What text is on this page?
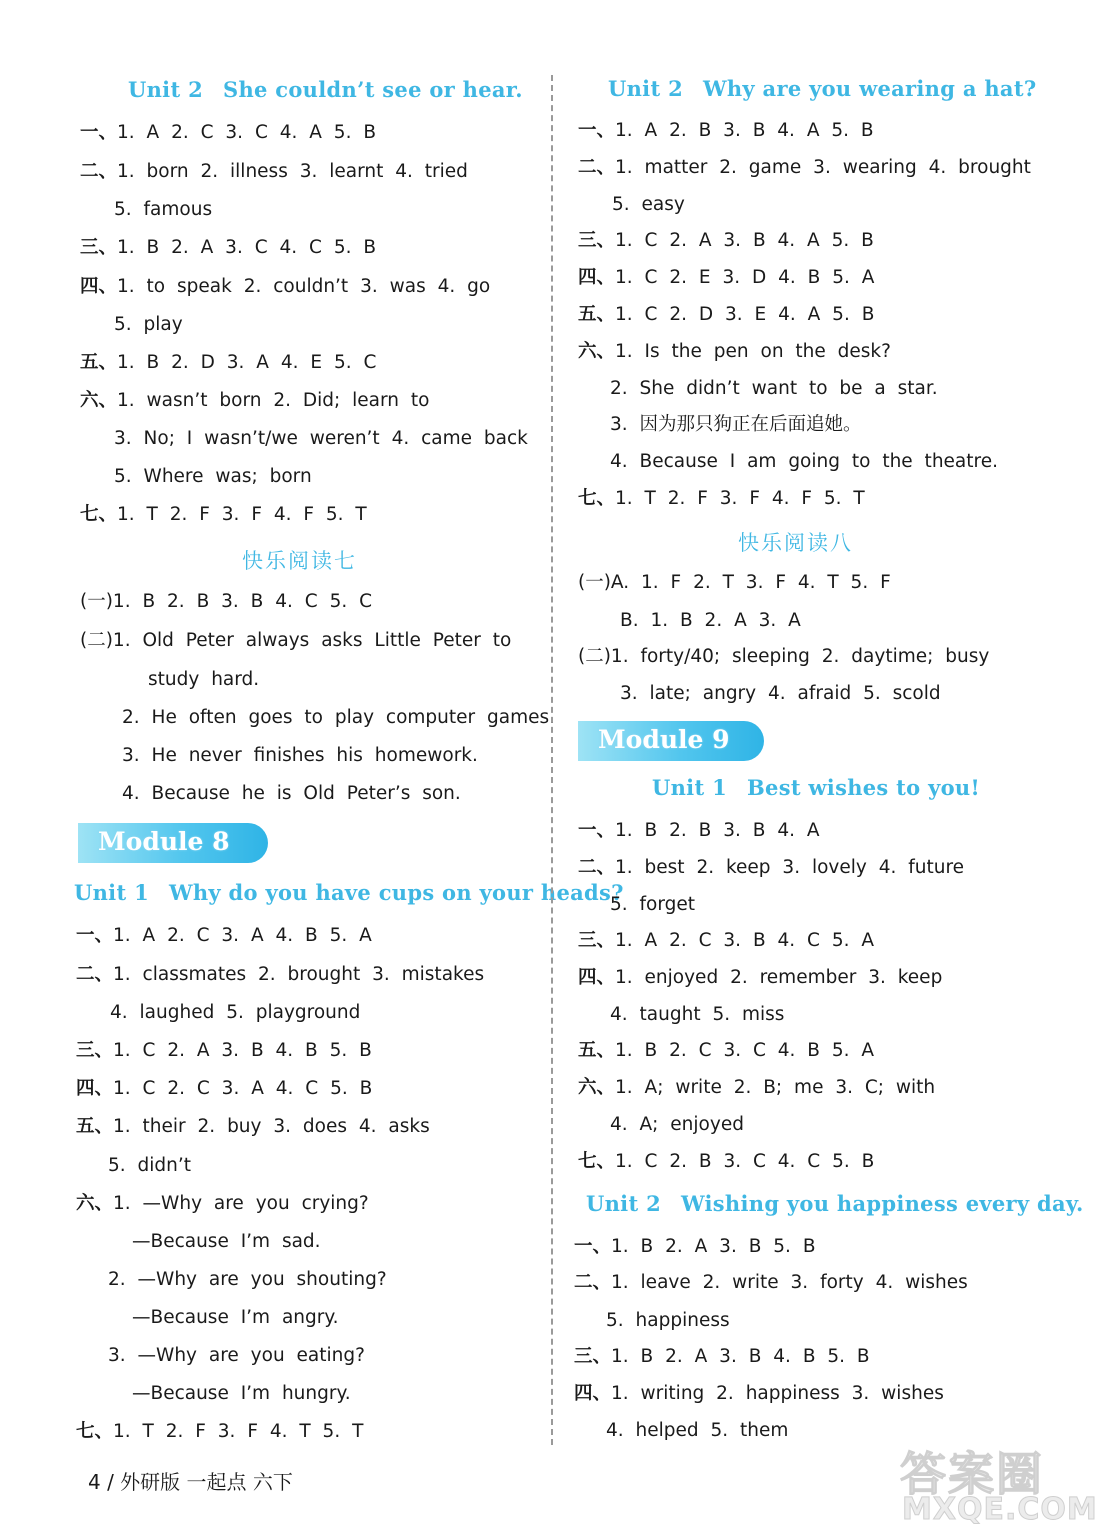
Unit 2 She couldn’t see or hear.
一、1. A 2. C 3. C 4. A 5. B
二、1. born 2. illness 3. learnt 4. tried
5. famous
三、1. B 2. A 3. C 4. C 5. B
四、1. to speak 2. couldn’t 3. was 4. go
5. play
五、1. B 2. D 3. A 4. E 5. C
六、1. wasn’t born 2. Did; learn to
3. No; I wasn’t/we weren’t 4. came back
5. Where was; born
七、1. T 2. F 3. F 4. F 5. T
快乐阅读七
(一)1. B 2. B 3. B 4. C 5. C
(二)1. Old Peter always asks Little Peter to
study hard.
2. He often goes to play computer games.
3. He never finishes his homework.
4. Because he is Old Peter’s son.
Module 8
Unit 1 Why do you have cups on your heads?
一、1. A 2. C 3. A 4. B 5. A
二、1. classmates 2. brought 3. mistakes
4. laughed 5. playground
三、1. C 2. A 3. B 4. B 5. B
四、1. C 2. C 3. A 4. C 5. B
五、1. their 2. buy 3. does 4. asks
5. didn’t
六、1. —Why are you crying?
—Because I’m sad.
2. —Why are you shouting?
—Because I’m angry.
3. —Why are you eating?
—Because I’m hungry.
七、1. T 2. F 3. F 4. T 5. T
Unit 2 Why are you wearing a hat?
一、1. A 2. B 3. B 4. A 5. B
二、1. matter 2. game 3. wearing 4. brought
5. easy
三、1. C 2. A 3. B 4. A 5. B
四、1. C 2. E 3. D 4. B 5. A
五、1. C 2. D 3. E 4. A 5. B
六、1. Is the pen on the desk?
2. She didn’t want to be a star.
3. 因为那只狗正在后面追她。
4. Because I am going to the theatre.
七、1. T 2. F 3. F 4. F 5. T
快乐阅读八
(一)A. 1. F 2. T 3. F 4. T 5. F
B. 1. B 2. A 3. A
(二)1. forty/40; sleeping 2. daytime; busy
3. late; angry 4. afraid 5. scold
Module 9
Unit 1 Best wishes to you!
一、1. B 2. B 3. B 4. A
二、1. best 2. keep 3. lovely 4. future
5. forget
三、1. A 2. C 3. B 4. C 5. A
四、1. enjoyed 2. remember 3. keep
4. taught 5. miss
五、1. B 2. C 3. C 4. B 5. A
六、1. A; write 2. B; me 3. C; with
4. A; enjoyed
七、1. C 2. B 3. C 4. C 5. B
Unit 2 Wishing you happiness every day.
一、1. B 2. A 3. B 5. B
二、1. leave 2. write 3. forty 4. wishes
5. happiness
三、1. B 2. A 3. B 4. B 5. B
四、1. writing 2. happiness 3. wishes
4. helped 5. them
4 / 外研版 一起点 六下	答案圈
MXQE.COM
